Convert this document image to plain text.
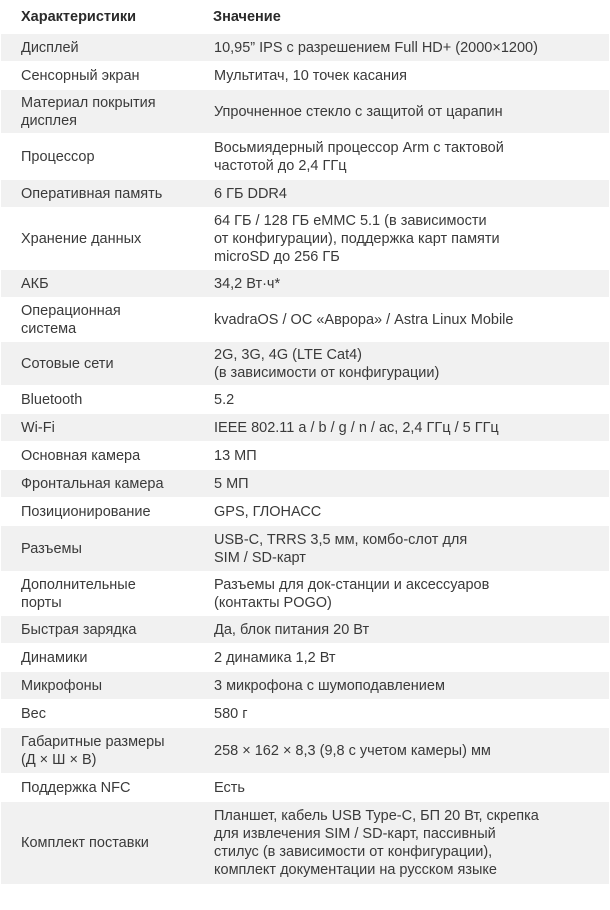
Характеристики	Значение
Дисплей	10,95” IPS с разрешением Full HD+ (2000×1200)
Сенсорный экран	Мультитач, 10 точек касания
Материал покрытия
дисплея	Упрочненное стекло с защитой от царапин
Процессор	Восьмиядерный процессор Arm с тактовой
частотой до 2,4 ГГц
Оперативная память	6 ГБ DDR4
Хранение данных	64 ГБ / 128 ГБ eMMC 5.1 (в зависимости
от конфигурации), поддержка карт памяти
microSD до 256 ГБ
АКБ	34,2 Вт·ч*
Операционная
система	kvadraOS / ОС «Аврора» / Astra Linux Mobile
Сотовые сети	2G, 3G, 4G (LTE Cat4)
(в зависимости от конфигурации)
Bluetooth	5.2
Wi-Fi	IEEE 802.11 a / b / g / n / ac, 2,4 ГГц / 5 ГГц
Основная камера	13 МП
Фронтальная камера	5 МП
Позиционирование	GPS, ГЛОНАСС
Разъемы	USB-C, TRRS 3,5 мм, комбо-слот для
SIM / SD-карт
Дополнительные
порты	Разъемы для док-станции и аксессуаров
(контакты POGO)
Быстрая зарядка	Да, блок питания 20 Вт
Динамики	2 динамика 1,2 Вт
Микрофоны	3 микрофона с шумоподавлением
Вес	580 г
Габаритные размеры
(Д × Ш × В)	258 × 162 × 8,3 (9,8 с учетом камеры) мм
Поддержка NFC	Есть
Комплект поставки	Планшет, кабель USB Type-C, БП 20 Вт, скрепка
для извлечения SIM / SD-карт, пассивный
стилус (в зависимости от конфигурации),
комплект документации на русском языке
